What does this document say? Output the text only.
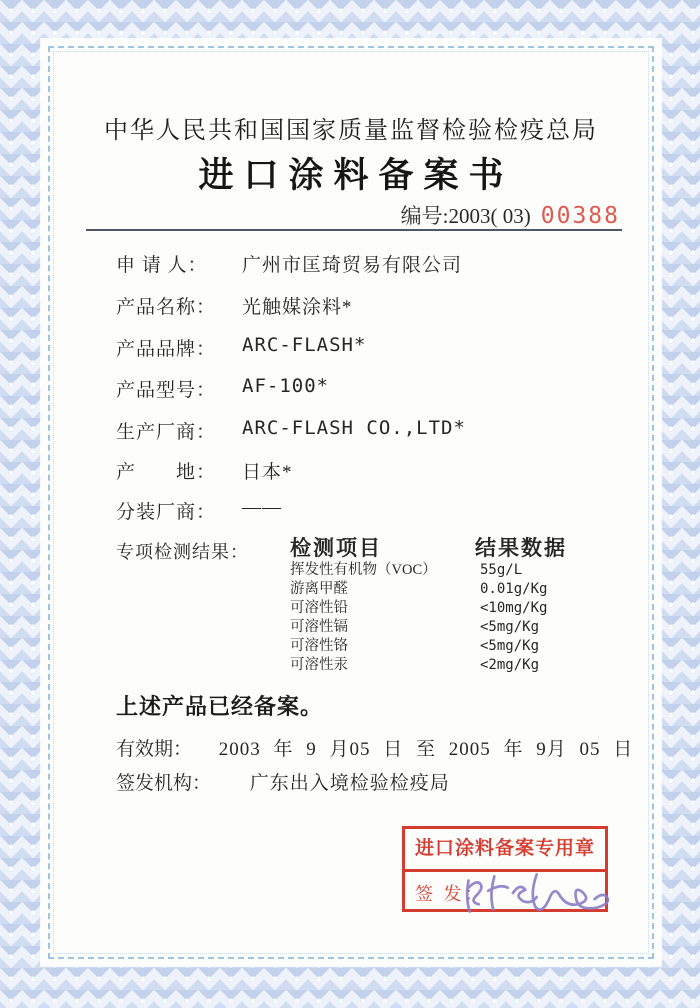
中华人民共和国国家质量监督检验检疫总局
进口涂料备案书
编号:2003( 03) 00388
申 请 人： 广州市匡琦贸易有限公司
产品名称： 光触媒涂料*
产品品牌： ARC-FLASH*
产品型号： AF-100*
生产厂商： ARC-FLASH CO.,LTD*
产　　地： 日本*
分装厂商： ——
专项检测结果： 检测项目	结果数据
挥发性有机物（VOC）	55g/L
游离甲醛	0.01g/Kg
可溶性铅	<10mg/Kg
可溶性镉	<5mg/Kg
可溶性铬	<5mg/Kg
可溶性汞	<2mg/Kg
上述产品已经备案。
有效期： 2003 年 9 月05 日 至 2005 年 9月 05 日
签发机构： 广东出入境检验检疫局
进口涂料备案专用章
签 发：
